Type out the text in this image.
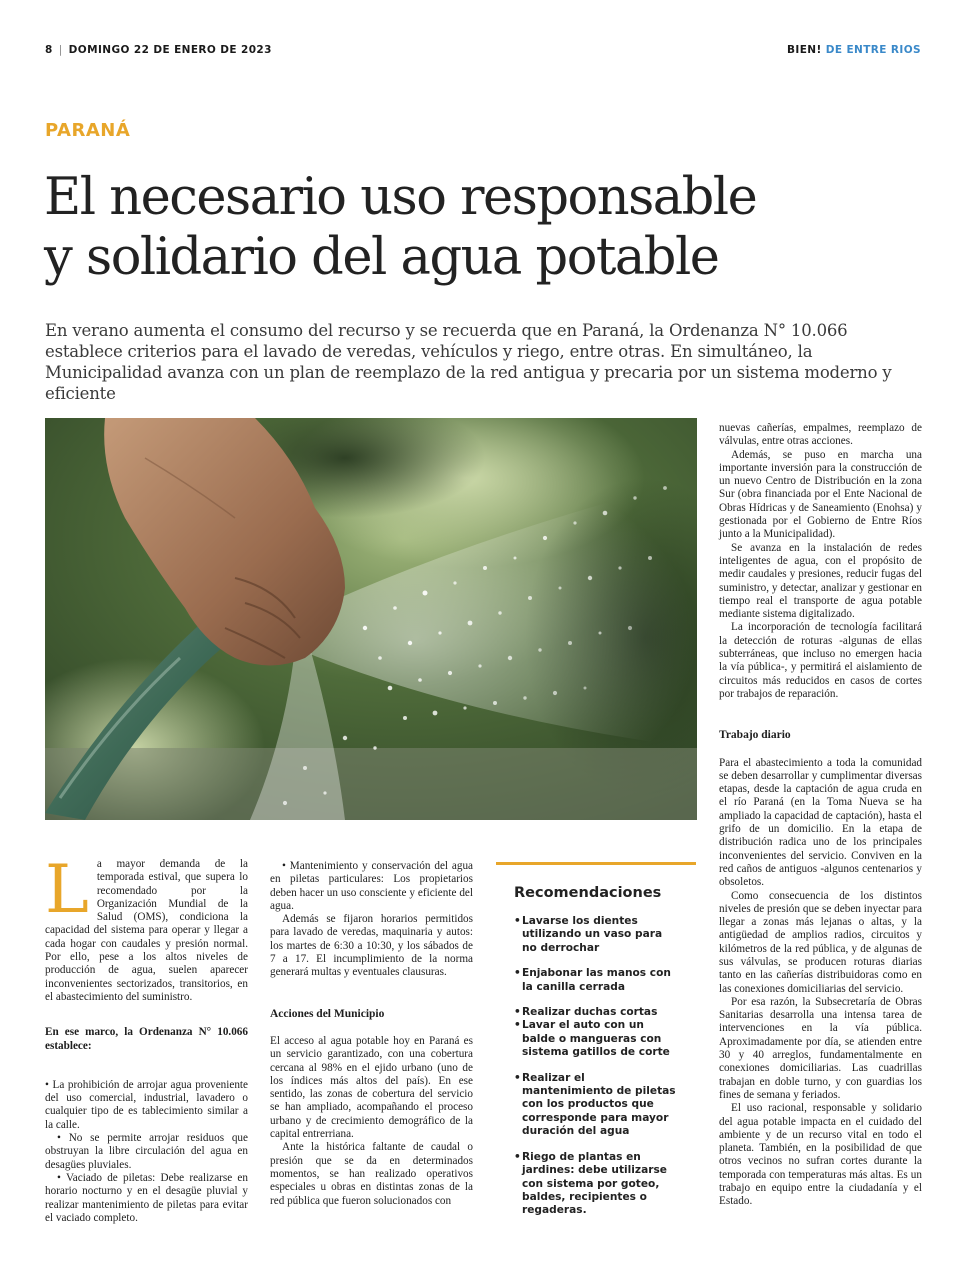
8 | DOMINGO 22 DE ENERO DE 2023	BIEN! DE ENTRE RIOS
PARANÁ
El necesario uso responsable
y solidario del agua potable

En verano aumenta el consumo del recurso y se recuerda que en Paraná, la Ordenanza N° 10.066 establece criterios para el lavado de veredas, vehículos y riego, entre otras. En simultáneo, la Municipalidad avanza con un plan de reemplazo de la red antigua y precaria por un sistema moderno y eficiente

L a mayor demanda de la temporada estival, que supera lo recomendado por la Organización Mundial de la Salud (OMS), condiciona la capacidad del sistema para operar y llegar a cada hogar con caudales y presión normal. Por ello, pese a los altos niveles de producción de agua, suelen aparecer inconvenientes sectorizados, transitorios, en el abastecimiento del suministro.

En ese marco, la Ordenanza N° 10.066 establece:

• La prohibición de arrojar agua proveniente del uso comercial, industrial, lavadero o cualquier tipo de es tablecimiento similar a la calle.

• No se permite arrojar residuos que obstruyan la libre circulación del agua en desagües pluviales.

• Vaciado de piletas: Debe realizarse en horario nocturno y en el desagüe pluvial y realizar mantenimiento de piletas para evitar el vaciado completo.

• Mantenimiento y conservación del agua en piletas particulares: Los propietarios deben hacer un uso consciente y eficiente del agua.

Además se fijaron horarios permitidos para lavado de veredas, maquinaria y autos: los martes de 6:30 a 10:30, y los sábados de 7 a 17. El incumplimiento de la norma generará multas y eventuales clausuras.

Acciones del Municipio

El acceso al agua potable hoy en Paraná es un servicio garantizado, con una cobertura cercana al 98% en el ejido urbano (uno de los índices más altos del país). En ese sentido, las zonas de cobertura del servicio se han ampliado, acompañando el proceso urbano y de crecimiento demográfico de la capital entrerriana.

Ante la histórica faltante de caudal o presión que se da en determinados momentos, se han realizado operativos especiales u obras en distintas zonas de la red pública que fueron solucionados con

Recomendaciones
• Lavarse los dientes utilizando un vaso para no derrochar
• Enjabonar las manos con la canilla cerrada
• Realizar duchas cortas
• Lavar el auto con un balde o mangueras con sistema gatillos de corte
• Realizar el mantenimiento de piletas con los productos que corresponde para mayor duración del agua
• Riego de plantas en jardines: debe utilizarse con sistema por goteo, baldes, recipientes o regaderas.

nuevas cañerías, empalmes, reemplazo de válvulas, entre otras acciones.

Además, se puso en marcha una importante inversión para la construcción de un nuevo Centro de Distribución en la zona Sur (obra financiada por el Ente Nacional de Obras Hídricas y de Saneamiento (Enohsa) y gestionada por el Gobierno de Entre Ríos junto a la Municipalidad).

Se avanza en la instalación de redes inteligentes de agua, con el propósito de medir caudales y presiones, reducir fugas del suministro, y detectar, analizar y gestionar en tiempo real el transporte de agua potable mediante sistema digitalizado.

La incorporación de tecnología facilitará la detección de roturas -algunas de ellas subterráneas, que incluso no emergen hacia la vía pública-, y permitirá el aislamiento de circuitos más reducidos en casos de cortes por trabajos de reparación.

Trabajo diario

Para el abastecimiento a toda la comunidad se deben desarrollar y cumplimentar diversas etapas, desde la captación de agua cruda en el río Paraná (en la Toma Nueva se ha ampliado la capacidad de captación), hasta el grifo de un domicilio. En la etapa de distribución radica uno de los principales inconvenientes del servicio. Conviven en la red caños de antiguos -algunos centenarios y obsoletos.

Como consecuencia de los distintos niveles de presión que se deben inyectar para llegar a zonas más lejanas o altas, y la antigüedad de amplios radios, circuitos y kilómetros de la red pública, y de algunas de sus válvulas, se producen roturas diarias tanto en las cañerías distribuidoras como en las conexiones domiciliarias del servicio.

Por esa razón, la Subsecretaría de Obras Sanitarias desarrolla una intensa tarea de intervenciones en la vía pública. Aproximadamente por día, se atienden entre 30 y 40 arreglos, fundamentalmente en conexiones domiciliarias. Las cuadrillas trabajan en doble turno, y con guardias los fines de semana y feriados.

El uso racional, responsable y solidario del agua potable impacta en el cuidado del ambiente y de un recurso vital en todo el planeta. También, en la posibilidad de que otros vecinos no sufran cortes durante la temporada con temperaturas más altas. Es un trabajo en equipo entre la ciudadanía y el Estado.
